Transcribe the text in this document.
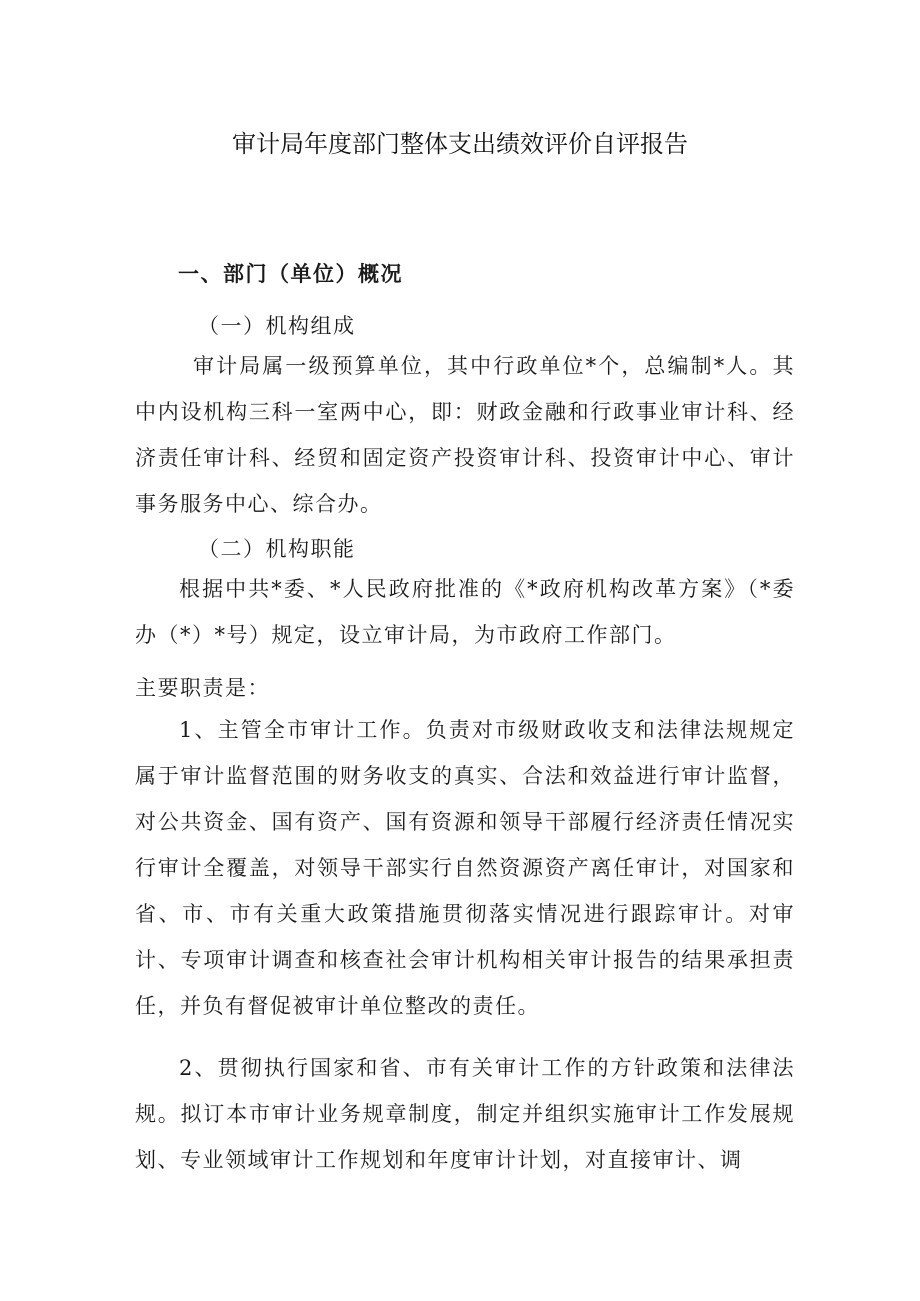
审计局年度部门整体支出绩效评价自评报告
一、部门（单位）概况
（一）机构组成
审计局属一级预算单位，其中行政单位*个，总编制*人。其中内设机构三科一室两中心，即：财政金融和行政事业审计科、经济责任审计科、经贸和固定资产投资审计科、投资审计中心、审计事务服务中心、综合办。
（二）机构职能
根据中共*委、*人民政府批准的《*政府机构改革方案》（*委办（*）*号）规定，设立审计局，为市政府工作部门。
主要职责是：
1、主管全市审计工作。负责对市级财政收支和法律法规规定属于审计监督范围的财务收支的真实、合法和效益进行审计监督，对公共资金、国有资产、国有资源和领导干部履行经济责任情况实行审计全覆盖，对领导干部实行自然资源资产离任审计，对国家和省、市、市有关重大政策措施贯彻落实情况进行跟踪审计。对审计、专项审计调查和核查社会审计机构相关审计报告的结果承担责任，并负有督促被审计单位整改的责任。
2、贯彻执行国家和省、市有关审计工作的方针政策和法律法规。拟订本市审计业务规章制度，制定并组织实施审计工作发展规划、专业领域审计工作规划和年度审计计划，对直接审计、调
